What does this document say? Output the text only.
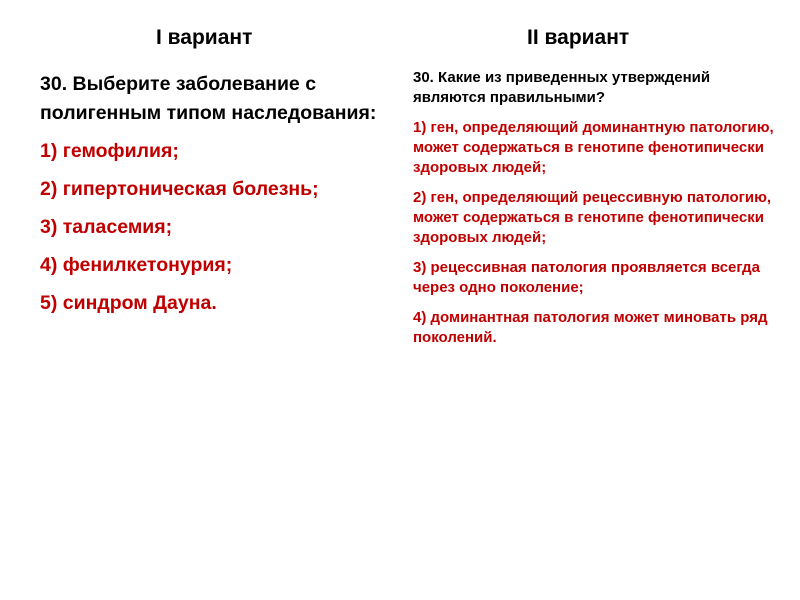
I вариант	II вариант

30. Выберите заболевание с полигенным типом наследования:

1) гемофилия;
2) гипертоническая болезнь;
3) таласемия;
4) фенилкетонурия;
5) синдром Дауна.

30. Какие из приведенных утверждений являются правильными?

1) ген, определяющий доминантную патологию, может содержаться в генотипе фенотипически здоровых людей;
2) ген, определяющий рецессивную патологию, может содержаться в генотипе фенотипически здоровых людей;
3) рецессивная патология проявляется всегда через одно поколение;
4) доминантная патология может миновать ряд поколений.
